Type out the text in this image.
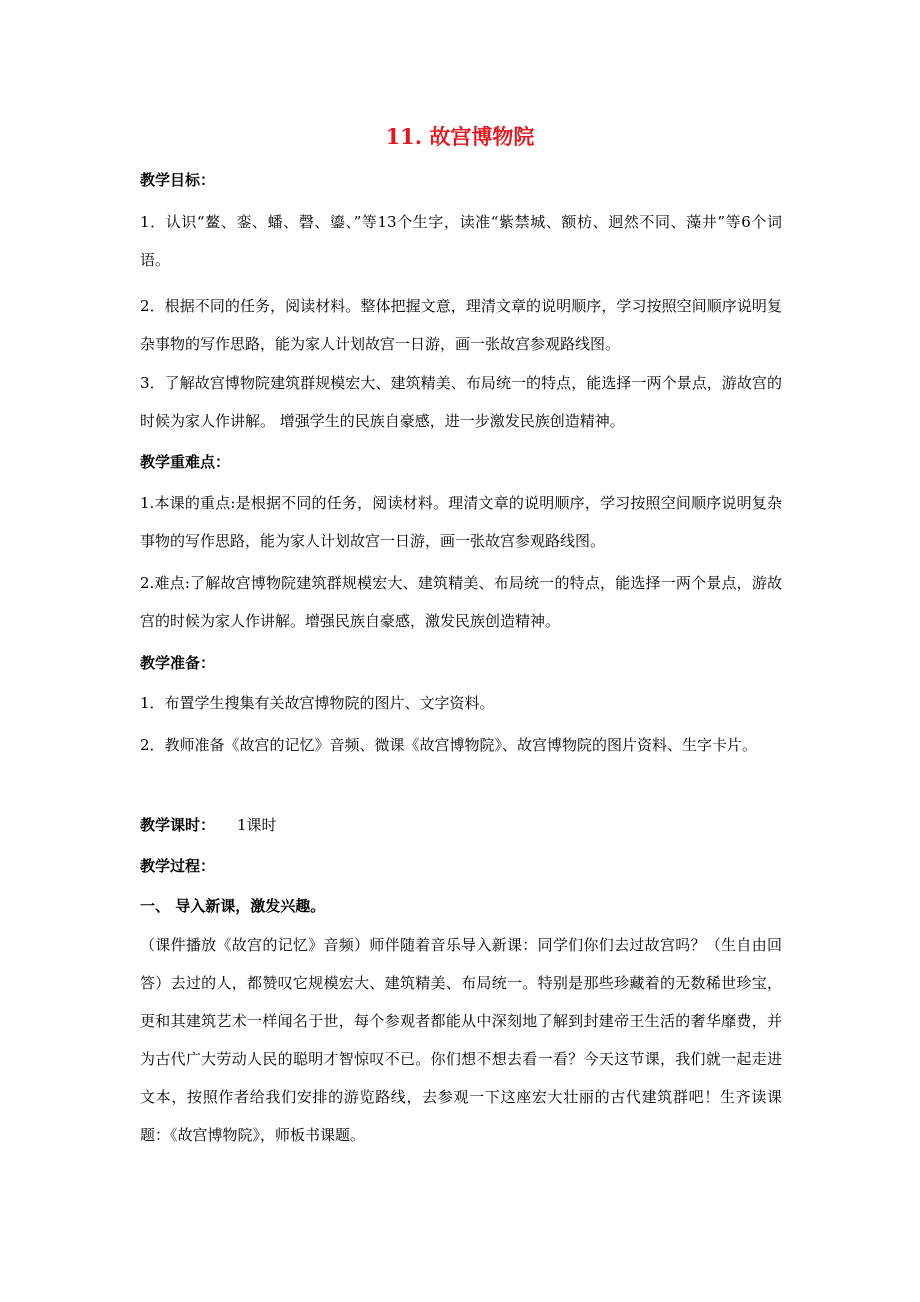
11. 故宫博物院
教学目标：
1．认识“鳌、銮、蟠、磬、鎏、”等13个生字，读准“紫禁城、额枋、迥然不同、藻井”等6个词语。
2．根据不同的任务，阅读材料。整体把握文意，理清文章的说明顺序，学习按照空间顺序说明复杂事物的写作思路，能为家人计划故宫一日游，画一张故宫参观路线图。
3．了解故宫博物院建筑群规模宏大、建筑精美、布局统一的特点，能选择一两个景点，游故宫的时候为家人作讲解。 增强学生的民族自豪感，进一步激发民族创造精神。
教学重难点：
1.本课的重点:是根据不同的任务，阅读材料。理清文章的说明顺序，学习按照空间顺序说明复杂事物的写作思路，能为家人计划故宫一日游，画一张故宫参观路线图。
2.难点:了解故宫博物院建筑群规模宏大、建筑精美、布局统一的特点，能选择一两个景点，游故宫的时候为家人作讲解。增强民族自豪感，激发民族创造精神。
教学准备：
1．布置学生搜集有关故宫博物院的图片、文字资料。
2．教师准备《故宫的记忆》音频、微课《故宫博物院》、故宫博物院的图片资料、生字卡片。
教学课时： 1课时
教学过程：
一、 导入新课，激发兴趣。
（课件播放《故宫的记忆》音频）师伴随着音乐导入新课：同学们你们去过故宫吗？（生自由回答）去过的人，都赞叹它规模宏大、建筑精美、布局统一。特别是那些珍藏着的无数稀世珍宝，更和其建筑艺术一样闻名于世，每个参观者都能从中深刻地了解到封建帝王生活的奢华靡费，并为古代广大劳动人民的聪明才智惊叹不已。你们想不想去看一看？今天这节课，我们就一起走进文本，按照作者给我们安排的游览路线，去参观一下这座宏大壮丽的古代建筑群吧！生齐读课题：《故宫博物院》，师板书课题。
